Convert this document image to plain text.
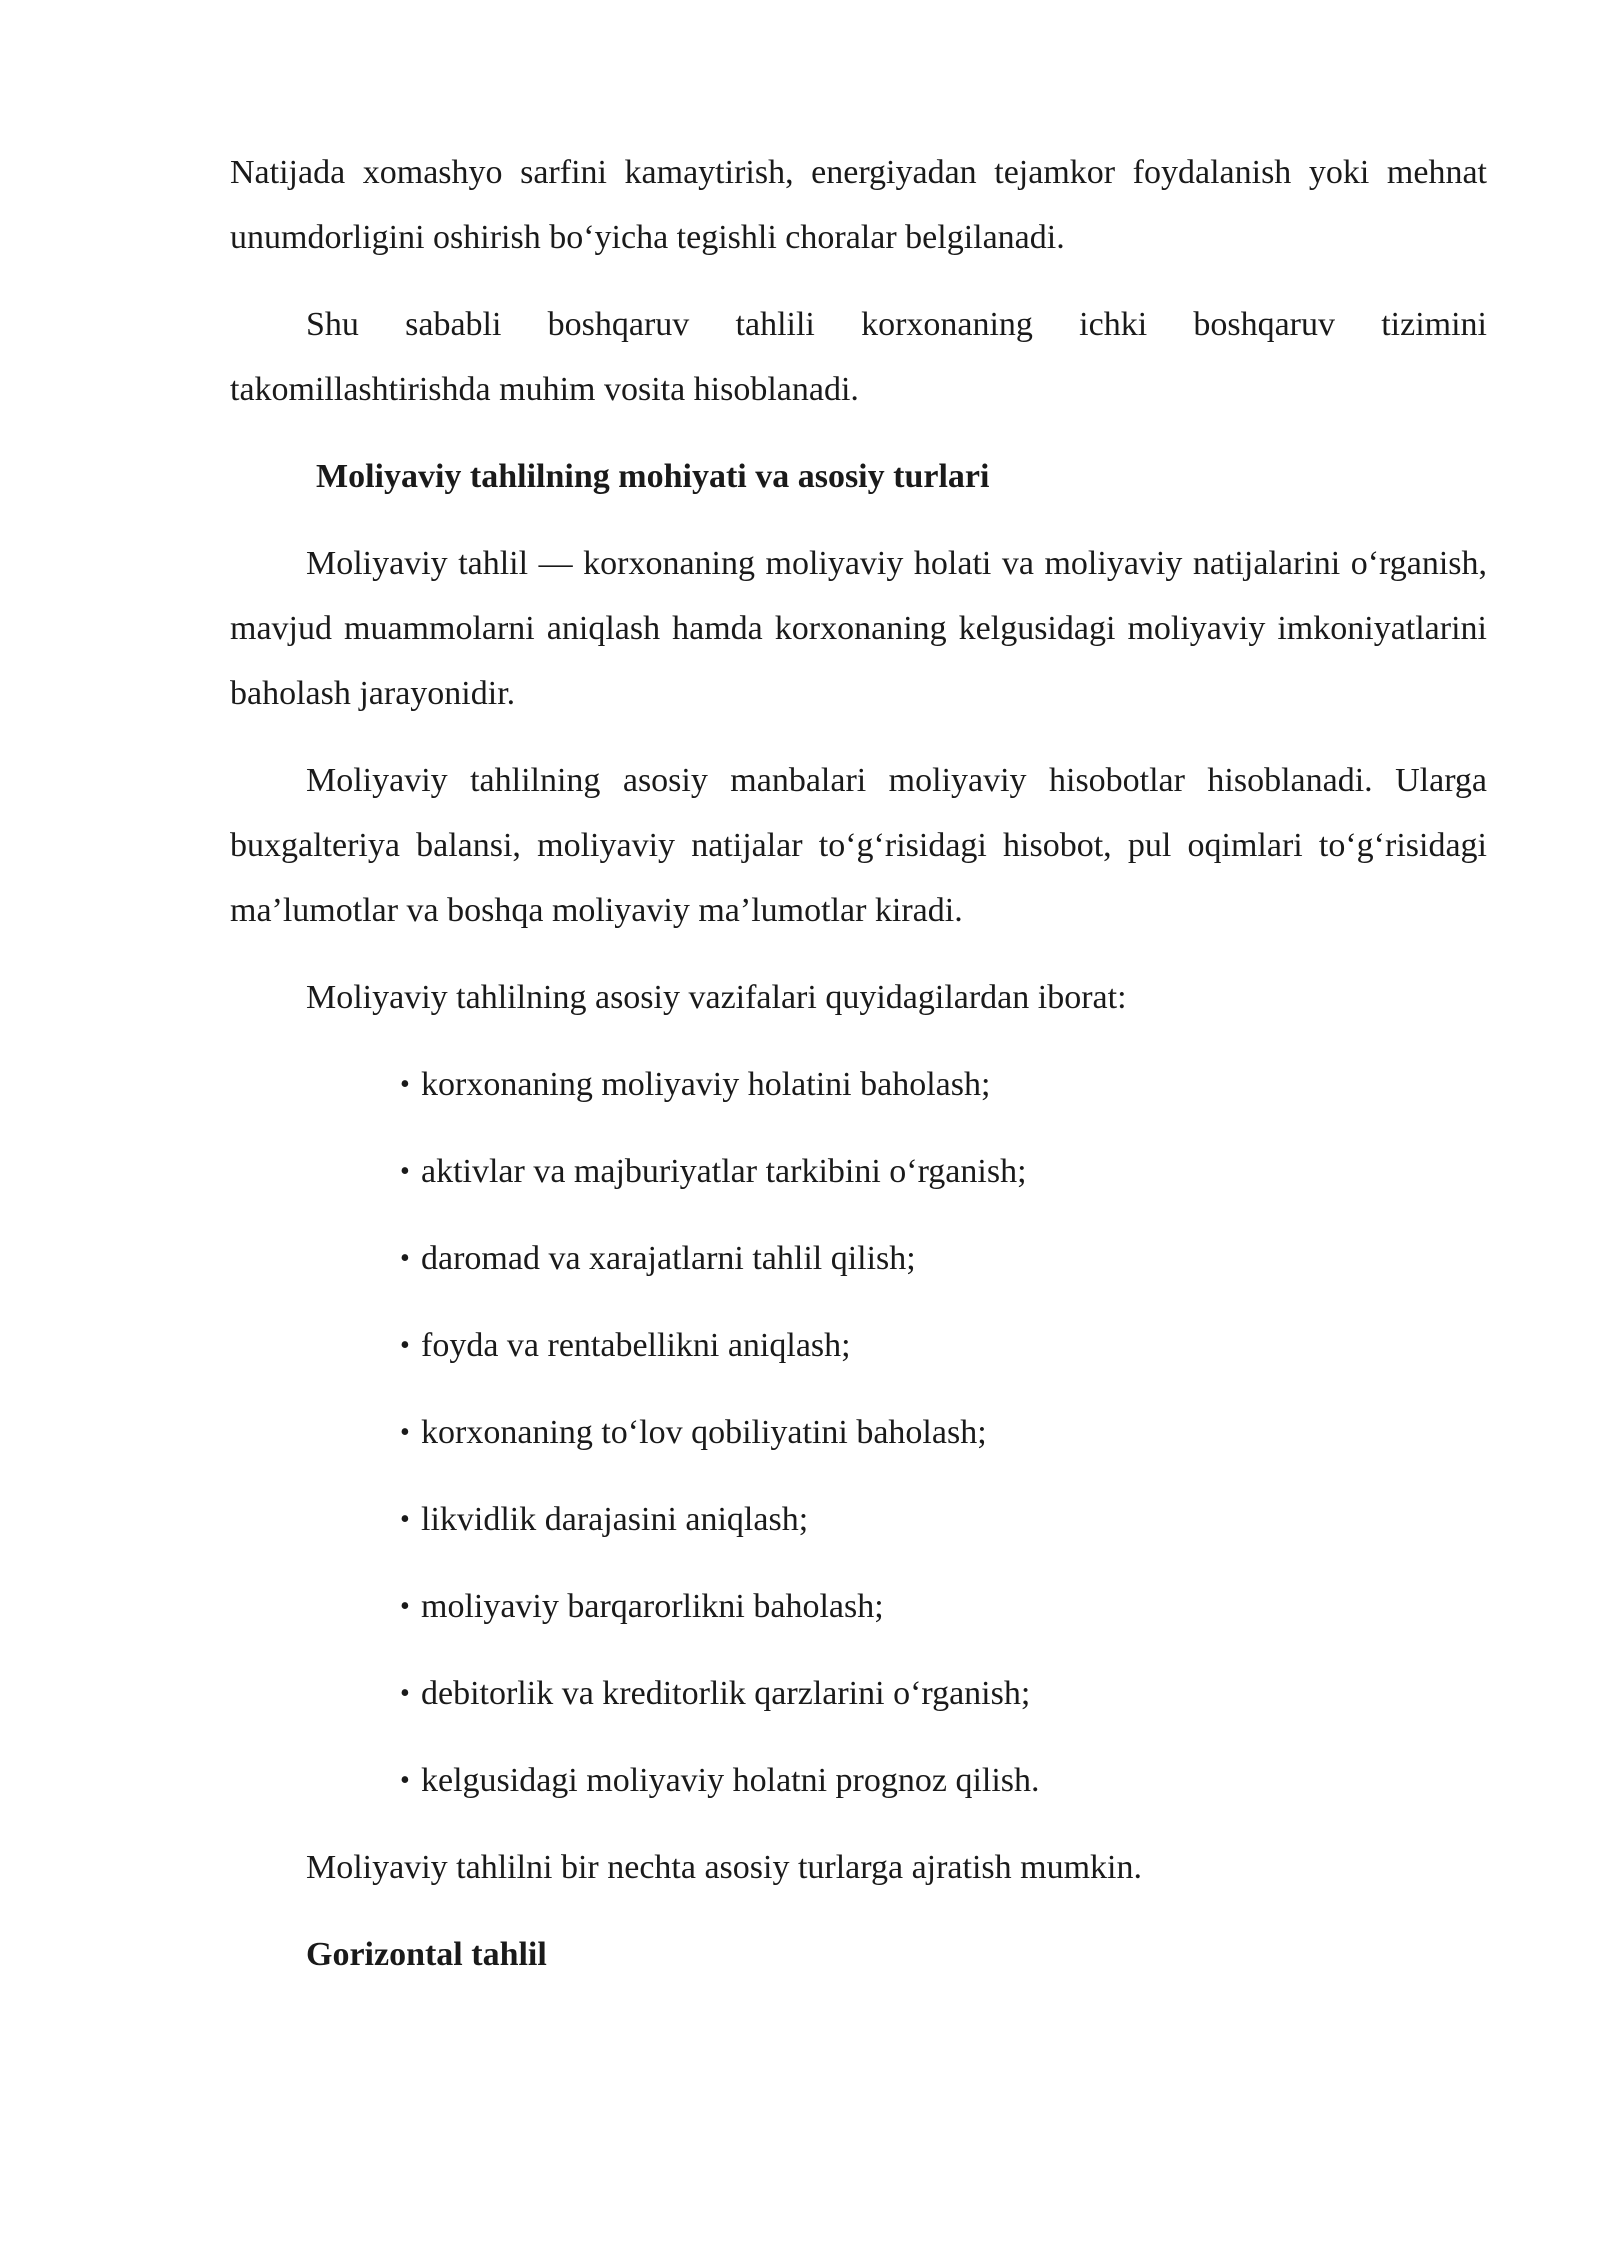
Natijada xomashyo sarfini kamaytirish, energiyadan tejamkor foydalanish yoki mehnat unumdorligini oshirish bo‘yicha tegishli choralar belgilanadi.

Shu sababli boshqaruv tahlili korxonaning ichki boshqaruv tizimini takomillashtirishda muhim vosita hisoblanadi.

Moliyaviy tahlilning mohiyati va asosiy turlari

Moliyaviy tahlil — korxonaning moliyaviy holati va moliyaviy natijalarini o‘rganish, mavjud muammolarni aniqlash hamda korxonaning kelgusidagi moliyaviy imkoniyatlarini baholash jarayonidir.

Moliyaviy tahlilning asosiy manbalari moliyaviy hisobotlar hisoblanadi. Ularga buxgalteriya balansi, moliyaviy natijalar to‘g‘risidagi hisobot, pul oqimlari to‘g‘risidagi ma’lumotlar va boshqa moliyaviy ma’lumotlar kiradi.

Moliyaviy tahlilning asosiy vazifalari quyidagilardan iborat:

• korxonaning moliyaviy holatini baholash;
• aktivlar va majburiyatlar tarkibini o‘rganish;
• daromad va xarajatlarni tahlil qilish;
• foyda va rentabellikni aniqlash;
• korxonaning to‘lov qobiliyatini baholash;
• likvidlik darajasini aniqlash;
• moliyaviy barqarorlikni baholash;
• debitorlik va kreditorlik qarzlarini o‘rganish;
• kelgusidagi moliyaviy holatni prognoz qilish.

Moliyaviy tahlilni bir nechta asosiy turlarga ajratish mumkin.

Gorizontal tahlil
